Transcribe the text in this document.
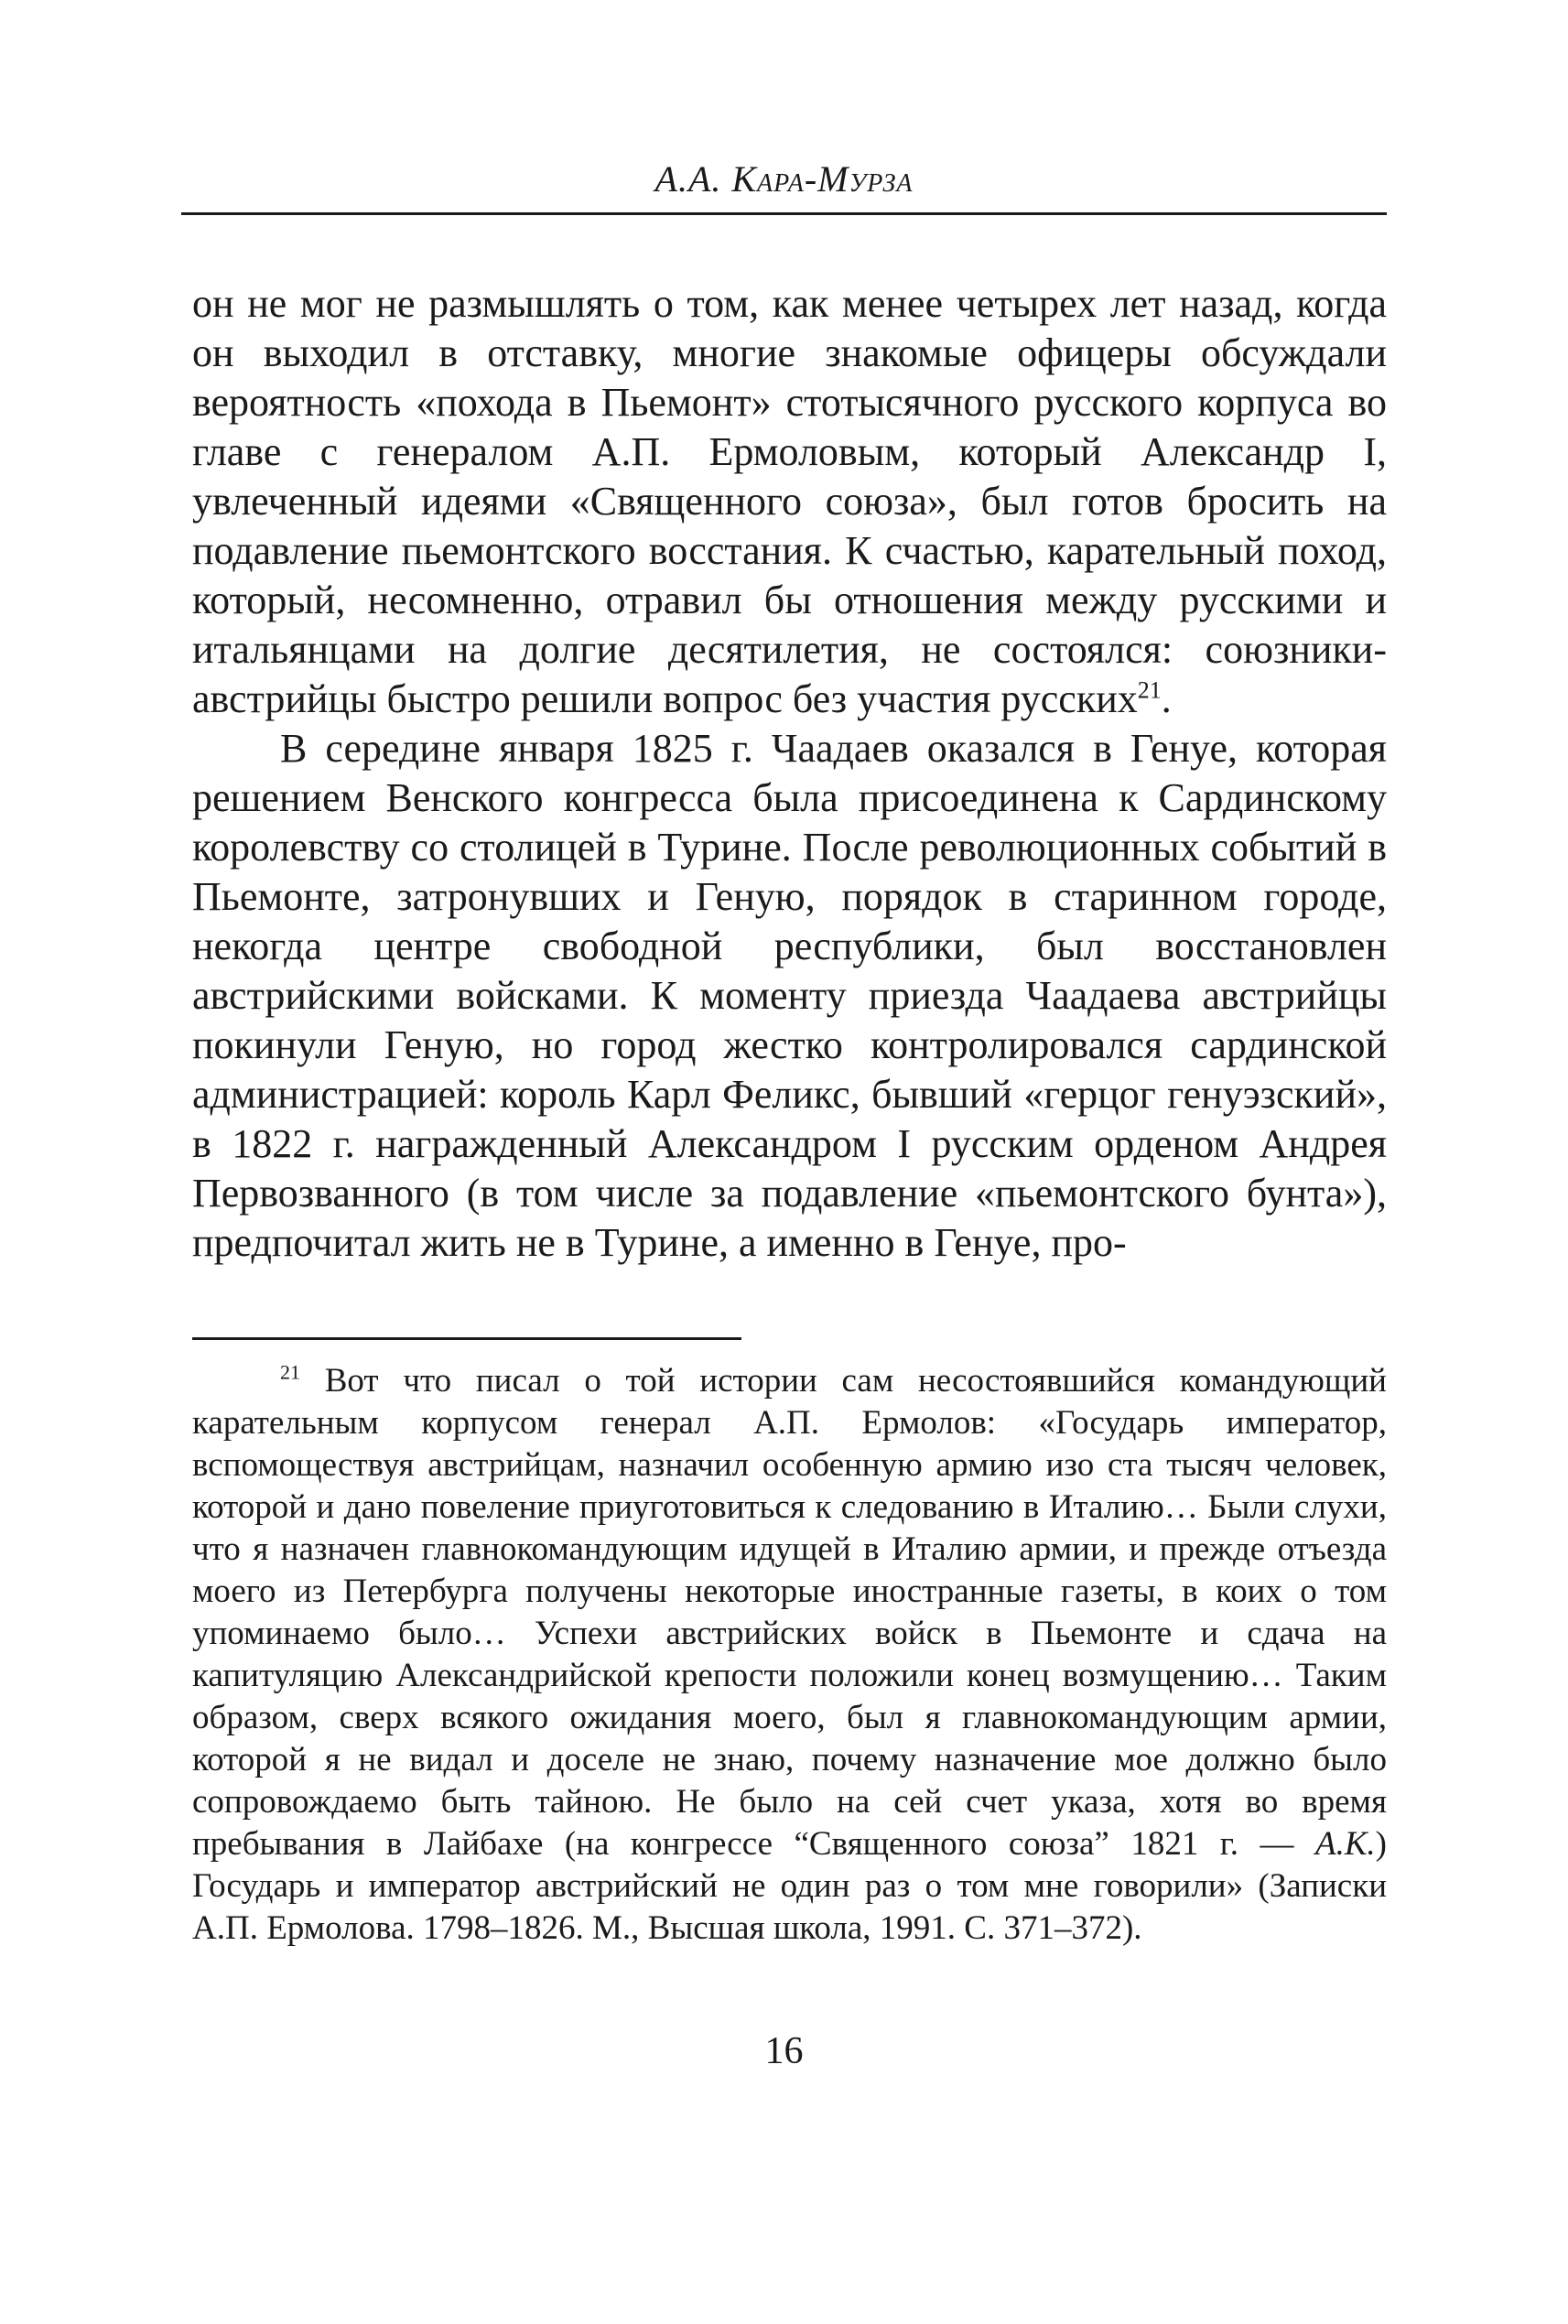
А.А. Кара-Мурза

он не мог не размышлять о том, как менее четырех лет назад, когда он выходил в отставку, многие знакомые офицеры обсуждали вероятность «похода в Пьемонт» стотысячного русского корпуса во главе с генералом А.П. Ермоловым, который Александр I, увлеченный идеями «Священного союза», был готов бросить на подавление пьемонтского восстания. К счастью, карательный поход, который, несомненно, отравил бы отношения между русскими и итальянцами на долгие десятилетия, не состоялся: союзники-австрийцы быстро решили вопрос без участия русских$^{21}$.

В середине января 1825 г. Чаадаев оказался в Генуе, которая решением Венского конгресса была присоединена к Сардинскому королевству со столицей в Турине. После революционных событий в Пьемонте, затронувших и Геную, порядок в старинном городе, некогда центре свободной республики, был восстановлен австрийскими войсками. К моменту приезда Чаадаева австрийцы покинули Геную, но город жестко контролировался сардинской администрацией: король Карл Феликс, бывший «герцог генуэзский», в 1822 г. награжденный Александром I русским орденом Андрея Первозванного (в том числе за подавление «пьемонтского бунта»), предпочитал жить не в Турине, а именно в Генуе, про-

$^{21}$ Вот что писал о той истории сам несостоявшийся командующий карательным корпусом генерал А.П. Ермолов: «Государь император, вспомоществуя австрийцам, назначил особенную армию изо ста тысяч человек, которой и дано повеление приуготовиться к следованию в Италию… Были слухи, что я назначен главнокомандующим идущей в Италию армии, и прежде отъезда моего из Петербурга получены некоторые иностранные газеты, в коих о том упоминаемо было… Успехи австрийских войск в Пьемонте и сдача на капитуляцию Александрийской крепости положили конец возмущению… Таким образом, сверх всякого ожидания моего, был я главнокомандующим армии, которой я не видал и доселе не знаю, почему назначение мое должно было сопровождаемо быть тайною. Не было на сей счет указа, хотя во время пребывания в Лайбахе (на конгрессе “Священного союза” 1821 г. — А.К.) Государь и император австрийский не один раз о том мне говорили» (Записки А.П. Ермолова. 1798–1826. М., Высшая школа, 1991. С. 371–372).

16
